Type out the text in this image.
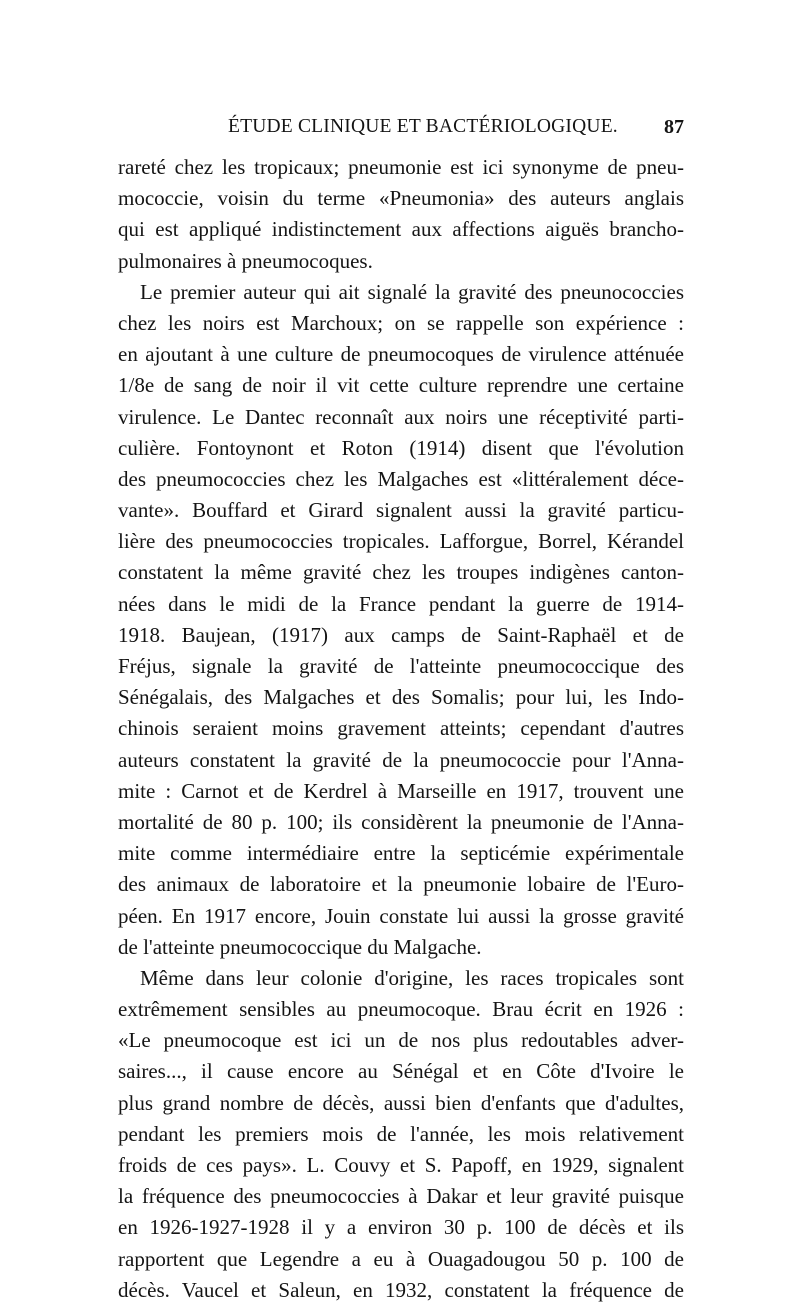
ÉTUDE CLINIQUE ET BACTÉRIOLOGIQUE. 87
rareté chez les tropicaux; pneumonie est ici synonyme de pneu-
mococcie, voisin du terme «Pneumonia» des auteurs anglais
qui est appliqué indistinctement aux affections aiguës brancho-
pulmonaires à pneumocoques.
Le premier auteur qui ait signalé la gravité des pneunococcies
chez les noirs est Marchoux; on se rappelle son expérience :
en ajoutant à une culture de pneumocoques de virulence atténuée
1/8e de sang de noir il vit cette culture reprendre une certaine
virulence. Le Dantec reconnaît aux noirs une réceptivité parti-
culière. Fontoynont et Roton (1914) disent que l'évolution
des pneumococcies chez les Malgaches est «littéralement déce-
vante». Bouffard et Girard signalent aussi la gravité particu-
lière des pneumococcies tropicales. Lafforgue, Borrel, Kérandel
constatent la même gravité chez les troupes indigènes canton-
nées dans le midi de la France pendant la guerre de 1914-
1918. Baujean, (1917) aux camps de Saint-Raphaël et de
Fréjus, signale la gravité de l'atteinte pneumococcique des
Sénégalais, des Malgaches et des Somalis; pour lui, les Indo-
chinois seraient moins gravement atteints; cependant d'autres
auteurs constatent la gravité de la pneumococcie pour l'Anna-
mite : Carnot et de Kerdrel à Marseille en 1917, trouvent une
mortalité de 80 p. 100; ils considèrent la pneumonie de l'Anna-
mite comme intermédiaire entre la septicémie expérimentale
des animaux de laboratoire et la pneumonie lobaire de l'Euro-
péen. En 1917 encore, Jouin constate lui aussi la grosse gravité
de l'atteinte pneumococcique du Malgache.
Même dans leur colonie d'origine, les races tropicales sont
extrêmement sensibles au pneumocoque. Brau écrit en 1926 :
«Le pneumocoque est ici un de nos plus redoutables adver-
saires..., il cause encore au Sénégal et en Côte d'Ivoire le
plus grand nombre de décès, aussi bien d'enfants que d'adultes,
pendant les premiers mois de l'année, les mois relativement
froids de ces pays». L. Couvy et S. Papoff, en 1929, signalent
la fréquence des pneumococcies à Dakar et leur gravité puisque
en 1926-1927-1928 il y a environ 30 p. 100 de décès et ils
rapportent que Legendre a eu à Ouagadougou 50 p. 100 de
décès. Vaucel et Saleun, en 1932, constatent la fréquence de
